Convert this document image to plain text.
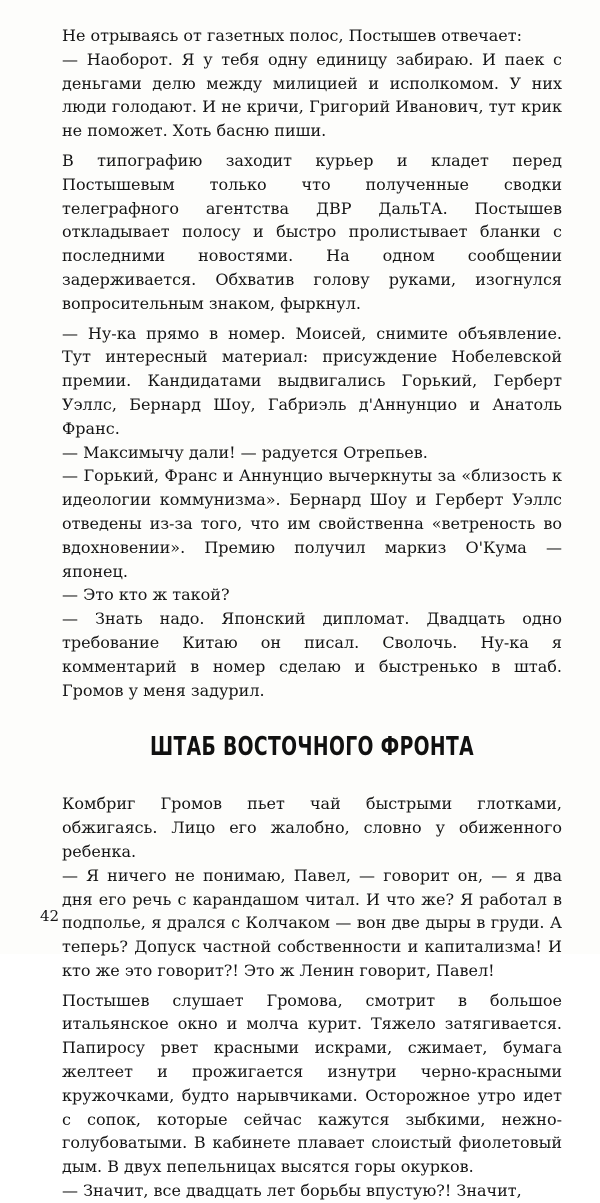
Не отрываясь от газетных полос, Постышев отвечает:

— Наоборот. Я у тебя одну единицу забираю. И паек с деньгами делю между милицией и исполкомом. У них люди голодают. И не кричи, Григорий Иванович, тут крик не поможет. Хоть басню пиши.

В типографию заходит курьер и кладет перед Постышевым только что полученные сводки телеграфного агентства ДВР ДальТА. Постышев откладывает полосу и быстро пролистывает бланки с последними новостями. На одном сообщении задерживается. Обхватив голову руками, изогнулся вопросительным знаком, фыркнул.

— Ну-ка прямо в номер. Моисей, снимите объявление. Тут интересный материал: присуждение Нобелевской премии. Кандидатами выдвигались Горький, Герберт Уэллс, Бернард Шоу, Габриэль д'Аннунцио и Анатоль Франс.

— Максимычу дали! — радуется Отрепьев.

— Горький, Франс и Аннунцио вычеркнуты за «близость к идеологии коммунизма». Бернард Шоу и Герберт Уэллс отведены из-за того, что им свойственна «ветреность во вдохновении». Премию получил маркиз О'Кума — японец.

— Это кто ж такой?

— Знать надо. Японский дипломат. Двадцать одно требование Китаю он писал. Сволочь. Ну-ка я комментарий в номер сделаю и быстренько в штаб. Громов у меня задурил.

ШТАБ ВОСТОЧНОГО ФРОНТА

Комбриг Громов пьет чай быстрыми глотками, обжигаясь. Лицо его жалобно, словно у обиженного ребенка.

— Я ничего не понимаю, Павел, — говорит он, — я два дня его речь с карандашом читал. И что же? Я работал в подполье, я дрался с Колчаком — вон две дыры в груди. А теперь? Допуск частной собственности и капитализма! И кто же это говорит?! Это ж Ленин говорит, Павел!

Постышев слушает Громова, смотрит в большое итальянское окно и молча курит. Тяжело затягивается. Папиросу рвет красными искрами, сжимает, бумага желтеет и прожигается изнутри черно-красными кружочками, будто нарывчиками. Осторожное утро идет с сопок, которые сейчас кажутся зыбкими, нежно-голубоватыми. В кабинете плавает слоистый фиолетовый дым. В двух пепельницах высятся горы окурков.

— Значит, все двадцать лет борьбы впустую?! Значит,

42
